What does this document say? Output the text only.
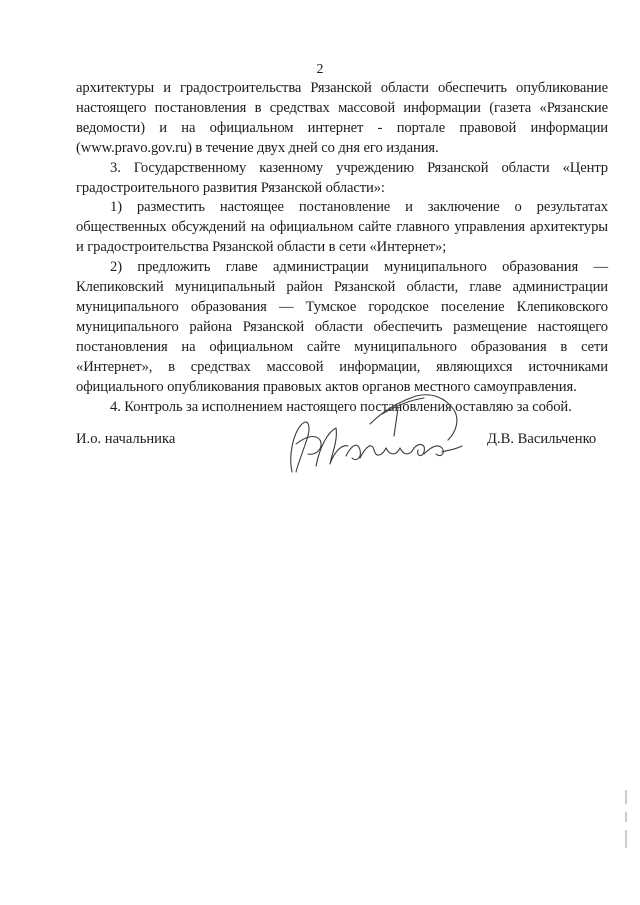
2

архитектуры и градостроительства Рязанской области обеспечить опубликование настоящего постановления в средствах массовой информации (газета «Рязанские ведомости) и на официальном интернет - портале правовой информации (www.pravo.gov.ru) в течение двух дней со дня его издания.

3. Государственному казенному учреждению Рязанской области «Центр градостроительного развития Рязанской области»:

1) разместить настоящее постановление и заключение о результатах общественных обсуждений на официальном сайте главного управления архитектуры и градостроительства Рязанской области в сети «Интернет»;

2) предложить главе администрации муниципального образования — Клепиковский муниципальный район Рязанской области, главе администрации муниципального образования — Тумское городское поселение Клепиковского муниципального района Рязанской области обеспечить размещение настоящего постановления на официальном сайте муниципального образования в сети «Интернет», в средствах массовой информации, являющихся источниками официального опубликования правовых актов органов местного самоуправления.

4. Контроль за исполнением настоящего постановления оставляю за собой.

И.о. начальника	Д.В. Васильченко
